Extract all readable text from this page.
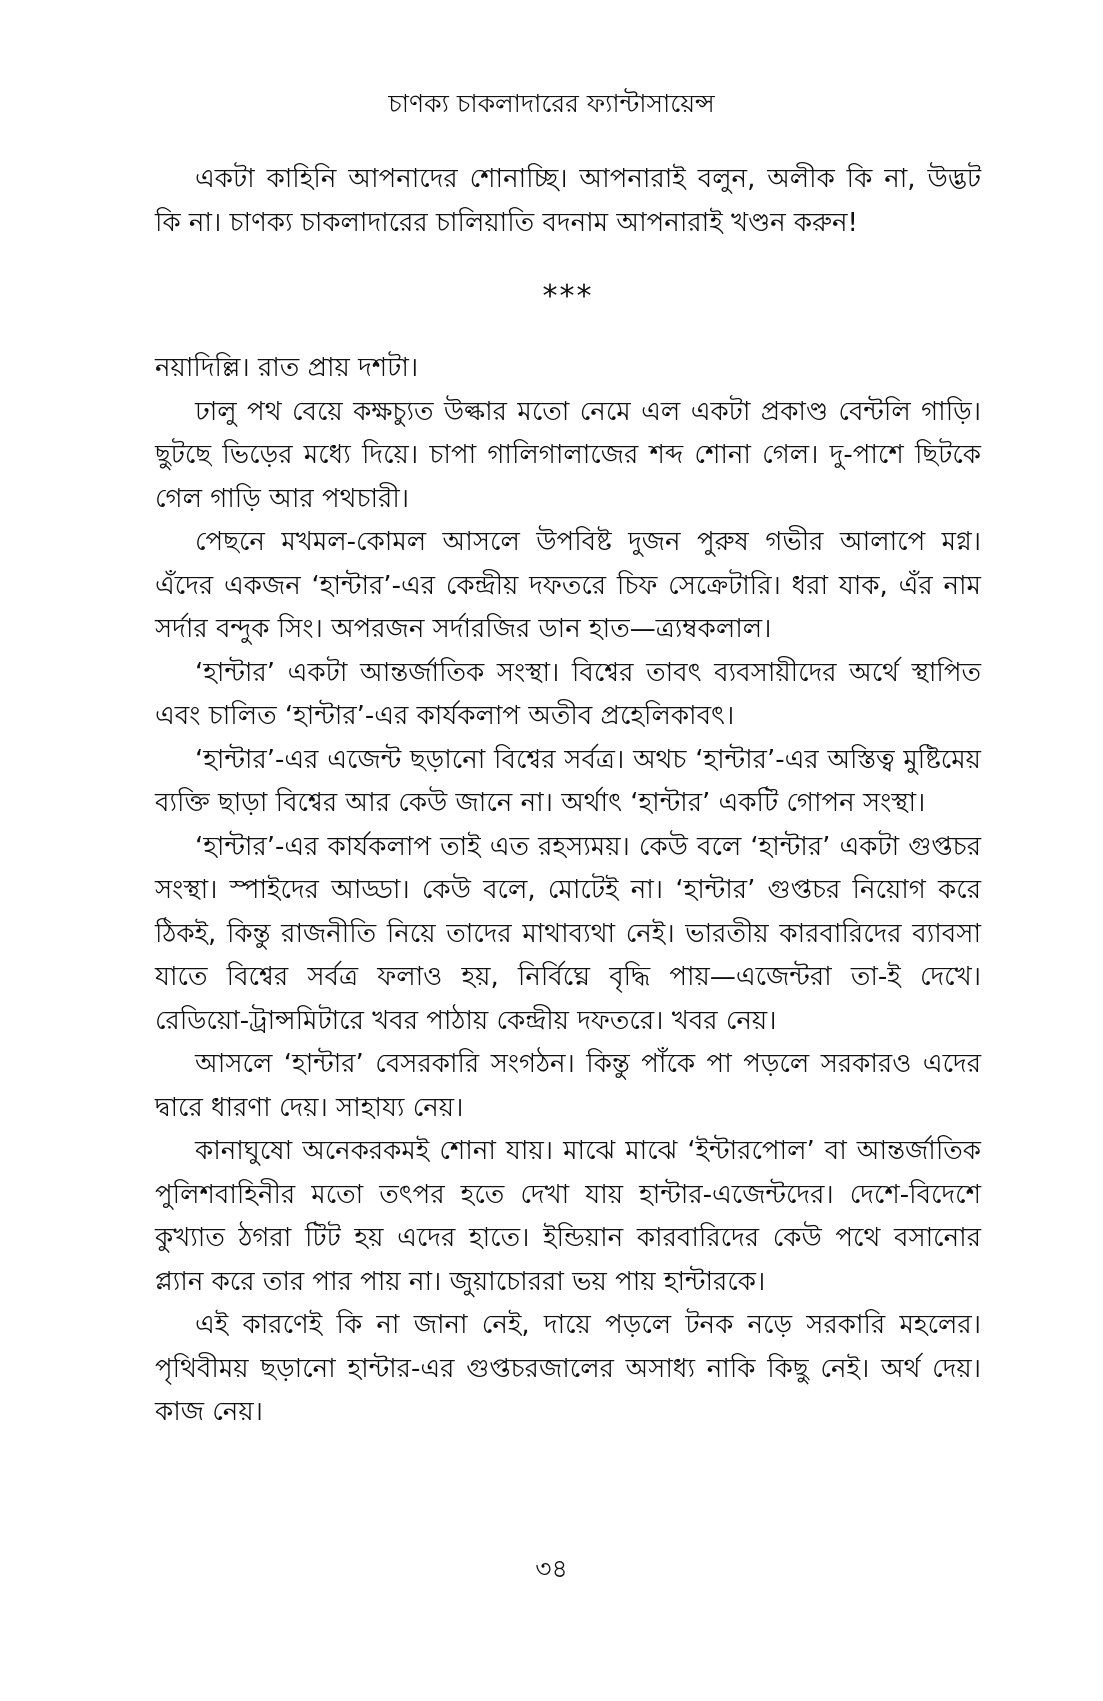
চাণক্য চাকলাদারের ফ্যান্টাসায়েন্স

একটা কাহিনি আপনাদের শোনাচ্ছি। আপনারাই বলুন, অলীক কি না, উদ্ভট কি না। চাণক্য চাকলাদারের চালিয়াতি বদনাম আপনারাই খণ্ডন করুন!

***

নয়াদিল্লি। রাত প্রায় দশটা।

ঢালু পথ বেয়ে কক্ষচ্যুত উল্কার মতো নেমে এল একটা প্রকাণ্ড বেন্টলি গাড়ি। ছুটছে ভিড়ের মধ্যে দিয়ে। চাপা গালিগালাজের শব্দ শোনা গেল। দু-পাশে ছিটকে গেল গাড়ি আর পথচারী।

পেছনে মখমল-কোমল আসলে উপবিষ্ট দুজন পুরুষ গভীর আলাপে মগ্ন। এঁদের একজন ‘হান্টার’-এর কেন্দ্রীয় দফতরে চিফ সেক্রেটারি। ধরা যাক, এঁর নাম সর্দার বন্দুক সিং। অপরজন সর্দারজির ডান হাত—ত্র্যম্বকলাল।

‘হান্টার’ একটা আন্তর্জাতিক সংস্থা। বিশ্বের তাবৎ ব্যবসায়ীদের অর্থে স্থাপিত এবং চালিত ‘হান্টার’-এর কার্যকলাপ অতীব প্রহেলিকাবৎ।

‘হান্টার’-এর এজেন্ট ছড়ানো বিশ্বের সর্বত্র। অথচ ‘হান্টার’-এর অস্তিত্ব মুষ্টিমেয় ব্যক্তি ছাড়া বিশ্বের আর কেউ জানে না। অর্থাৎ ‘হান্টার’ একটি গোপন সংস্থা।

‘হান্টার’-এর কার্যকলাপ তাই এত রহস্যময়। কেউ বলে ‘হান্টার’ একটা গুপ্তচর সংস্থা। স্পাইদের আড্ডা। কেউ বলে, মোটেই না। ‘হান্টার’ গুপ্তচর নিয়োগ করে ঠিকই, কিন্তু রাজনীতি নিয়ে তাদের মাথাব্যথা নেই। ভারতীয় কারবারিদের ব্যাবসা যাতে বিশ্বের সর্বত্র ফলাও হয়, নির্বিঘ্নে বৃদ্ধি পায়—এজেন্টরা তা-ই দেখে। রেডিয়ো-ট্রান্সমিটারে খবর পাঠায় কেন্দ্রীয় দফতরে। খবর নেয়।

আসলে ‘হান্টার’ বেসরকারি সংগঠন। কিন্তু পাঁকে পা পড়লে সরকারও এদের দ্বারে ধারণা দেয়। সাহায্য নেয়।

কানাঘুষো অনেকরকমই শোনা যায়। মাঝে মাঝে ‘ইন্টারপোল’ বা আন্তর্জাতিক পুলিশবাহিনীর মতো তৎপর হতে দেখা যায় হান্টার-এজেন্টদের। দেশে-বিদেশে কুখ্যাত ঠগরা টিট হয় এদের হাতে। ইন্ডিয়ান কারবারিদের কেউ পথে বসানোর প্ল্যান করে তার পার পায় না। জুয়াচোররা ভয় পায় হান্টারকে।

এই কারণেই কি না জানা নেই, দায়ে পড়লে টনক নড়ে সরকারি মহলের। পৃথিবীময় ছড়ানো হান্টার-এর গুপ্তচরজালের অসাধ্য নাকি কিছু নেই। অর্থ দেয়। কাজ নেয়।

৩৪
